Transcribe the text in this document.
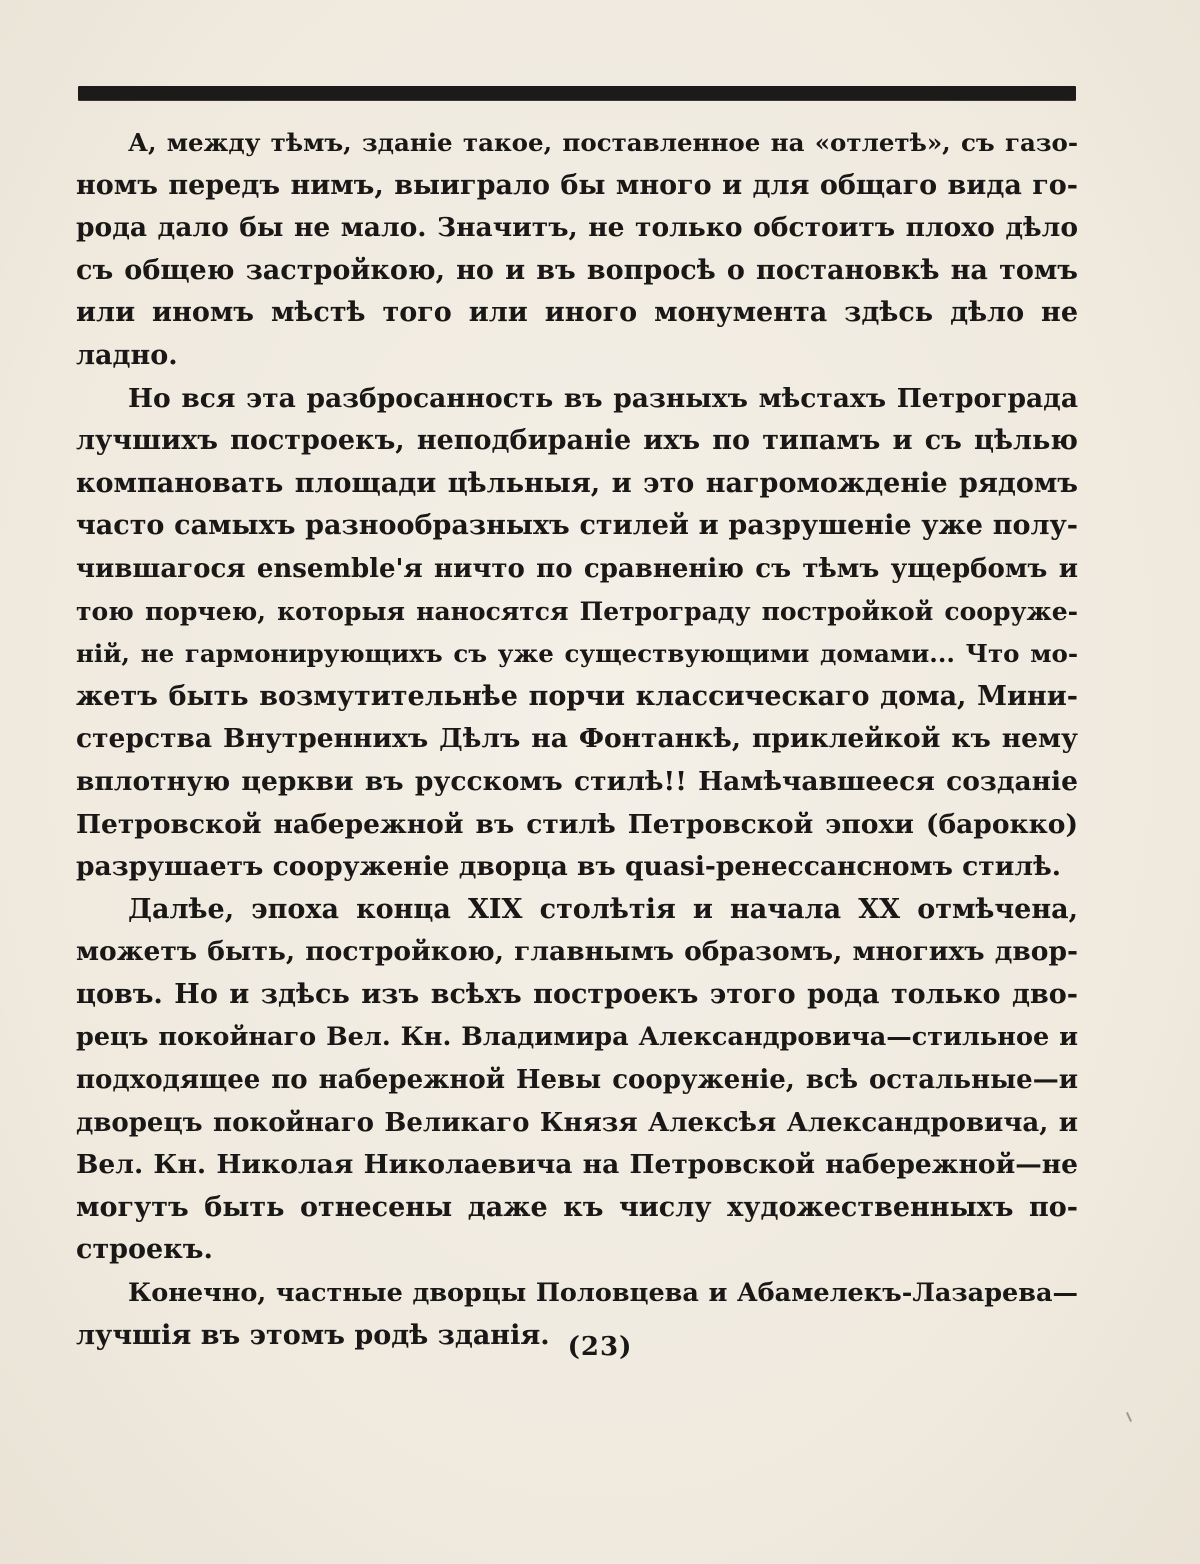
А, между тѣмъ, зданіе такое, поставленное на «отлетѣ», съ газо-
номъ передъ нимъ, выиграло бы много и для общаго вида го-
рода дало бы не мало. Значитъ, не только обстоитъ плохо дѣло
съ общею застройкою, но и въ вопросѣ о постановкѣ на томъ
или иномъ мѣстѣ того или иного монумента здѣсь дѣло не
ладно.
Но вся эта разбросанность въ разныхъ мѣстахъ Петрограда
лучшихъ построекъ, неподбираніе ихъ по типамъ и съ цѣлью
компановать площади цѣльныя, и это нагроможденіе рядомъ
часто самыхъ разнообразныхъ стилей и разрушеніе уже полу-
чившагося ensemble'я ничто по сравненію съ тѣмъ ущербомъ и
тою порчею, которыя наносятся Петрограду постройкой сооруже-
ній, не гармонирующихъ съ уже существующими домами... Что мо-
жетъ быть возмутительнѣе порчи классическаго дома, Мини-
стерства Внутреннихъ Дѣлъ на Фонтанкѣ, приклейкой къ нему
вплотную церкви въ русскомъ стилѣ!! Намѣчавшееся созданіе
Петровской набережной въ стилѣ Петровской эпохи (барокко)
разрушаетъ сооруженіе дворца въ quasi-ренессансномъ стилѣ.
Далѣе, эпоха конца XIX столѣтія и начала XX отмѣчена,
можетъ быть, постройкою, главнымъ образомъ, многихъ двор-
цовъ. Но и здѣсь изъ всѣхъ построекъ этого рода только дво-
рецъ покойнаго Вел. Кн. Владимира Александровича—стильное и
подходящее по набережной Невы сооруженіе, всѣ остальные—и
дворецъ покойнаго Великаго Князя Алексѣя Александровича, и
Вел. Кн. Николая Николаевича на Петровской набережной—не
могутъ быть отнесены даже къ числу художественныхъ по-
строекъ.
Конечно, частные дворцы Половцева и Абамелекъ-Лазарева—
лучшія въ этомъ родѣ зданія. (23)
